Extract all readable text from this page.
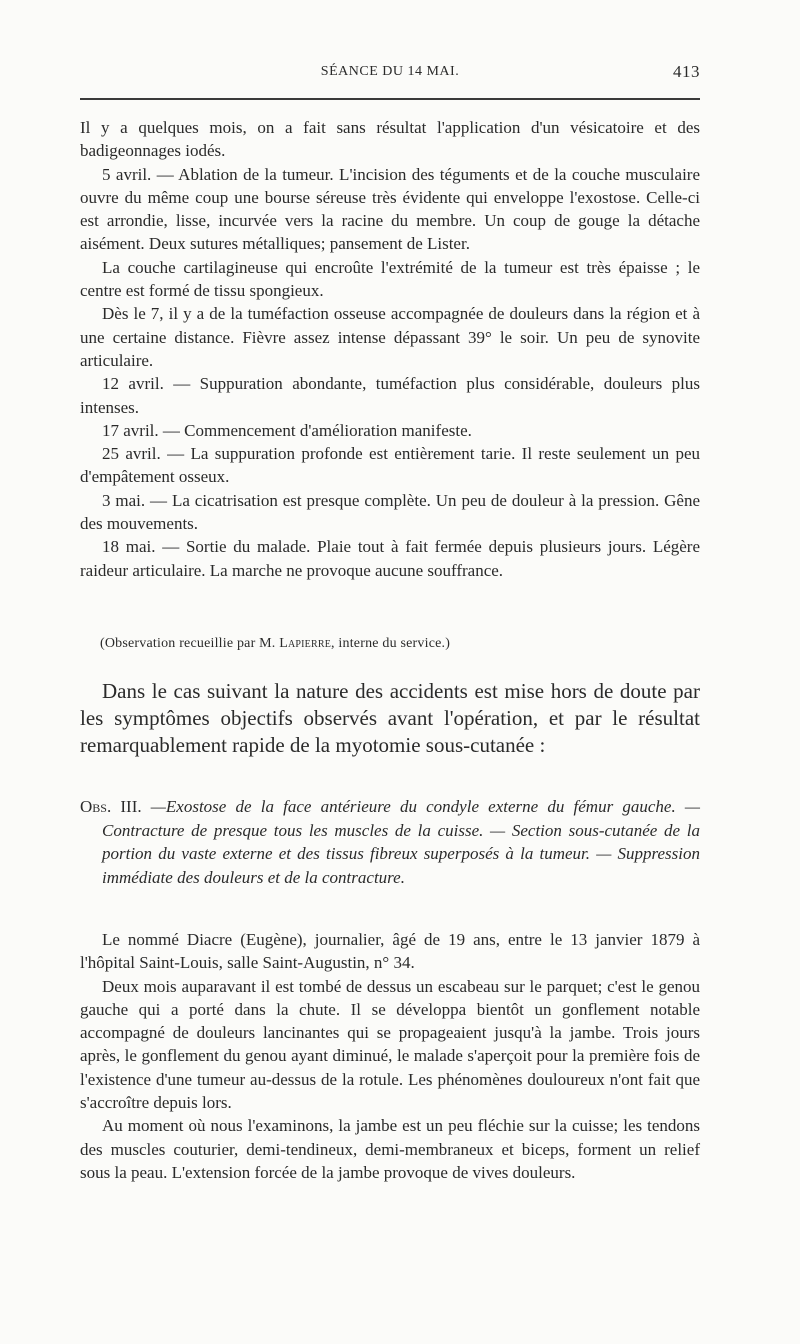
SÉANCE DU 14 MAI.	413

Il y a quelques mois, on a fait sans résultat l'application d'un vésicatoire et des badigeonnages iodés.

5 avril. — Ablation de la tumeur. L'incision des téguments et de la couche musculaire ouvre du même coup une bourse séreuse très évidente qui enveloppe l'exostose. Celle-ci est arrondie, lisse, incurvée vers la racine du membre. Un coup de gouge la détache aisément. Deux sutures métalliques; pansement de Lister.

La couche cartilagineuse qui encroûte l'extrémité de la tumeur est très épaisse ; le centre est formé de tissu spongieux.

Dès le 7, il y a de la tuméfaction osseuse accompagnée de douleurs dans la région et à une certaine distance. Fièvre assez intense dépassant 39° le soir. Un peu de synovite articulaire.

12 avril. — Suppuration abondante, tuméfaction plus considérable, douleurs plus intenses.

17 avril. — Commencement d'amélioration manifeste.

25 avril. — La suppuration profonde est entièrement tarie. Il reste seulement un peu d'empâtement osseux.

3 mai. — La cicatrisation est presque complète. Un peu de douleur à la pression. Gêne des mouvements.

18 mai. — Sortie du malade. Plaie tout à fait fermée depuis plusieurs jours. Légère raideur articulaire. La marche ne provoque aucune souffrance.

(Observation recueillie par M. Lapierre, interne du service.)

Dans le cas suivant la nature des accidents est mise hors de doute par les symptômes objectifs observés avant l'opération, et par le résultat remarquablement rapide de la myotomie sous-cutanée :

Obs. III. —Exostose de la face antérieure du condyle externe du fémur gauche. — Contracture de presque tous les muscles de la cuisse. — Section sous-cutanée de la portion du vaste externe et des tissus fibreux superposés à la tumeur. — Suppression immédiate des douleurs et de la contracture.

Le nommé Diacre (Eugène), journalier, âgé de 19 ans, entre le 13 janvier 1879 à l'hôpital Saint-Louis, salle Saint-Augustin, n° 34.

Deux mois auparavant il est tombé de dessus un escabeau sur le parquet; c'est le genou gauche qui a porté dans la chute. Il se développa bientôt un gonflement notable accompagné de douleurs lancinantes qui se propageaient jusqu'à la jambe. Trois jours après, le gonflement du genou ayant diminué, le malade s'aperçoit pour la première fois de l'existence d'une tumeur au-dessus de la rotule. Les phénomènes douloureux n'ont fait que s'accroître depuis lors.

Au moment où nous l'examinons, la jambe est un peu fléchie sur la cuisse; les tendons des muscles couturier, demi-tendineux, demi-membraneux et biceps, forment un relief sous la peau. L'extension forcée de la jambe provoque de vives douleurs.
